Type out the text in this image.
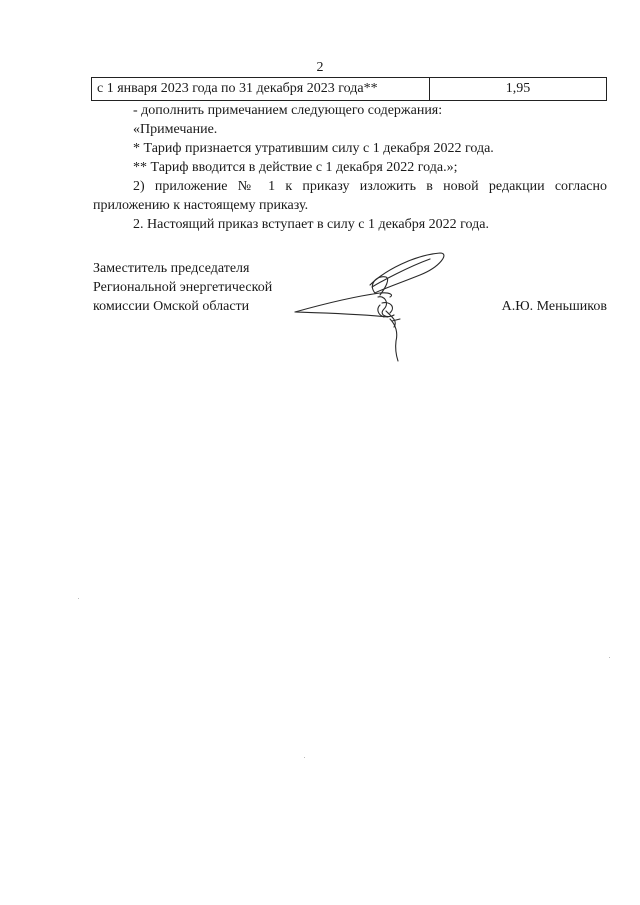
2
с 1 января 2023 года по 31 декабря 2023 года**	1,95

- дополнить примечанием следующего содержания:

«Примечание.

* Тариф признается утратившим силу с 1 декабря 2022 года.

** Тариф вводится в действие с 1 декабря 2022 года.»;

2) приложение № 1 к приказу изложить в новой редакции согласно приложению к настоящему приказу.

2. Настоящий приказ вступает в силу с 1 декабря 2022 года.

Заместитель председателя
Региональной энергетической
комиссии Омской области	А.Ю. Меньшиков
